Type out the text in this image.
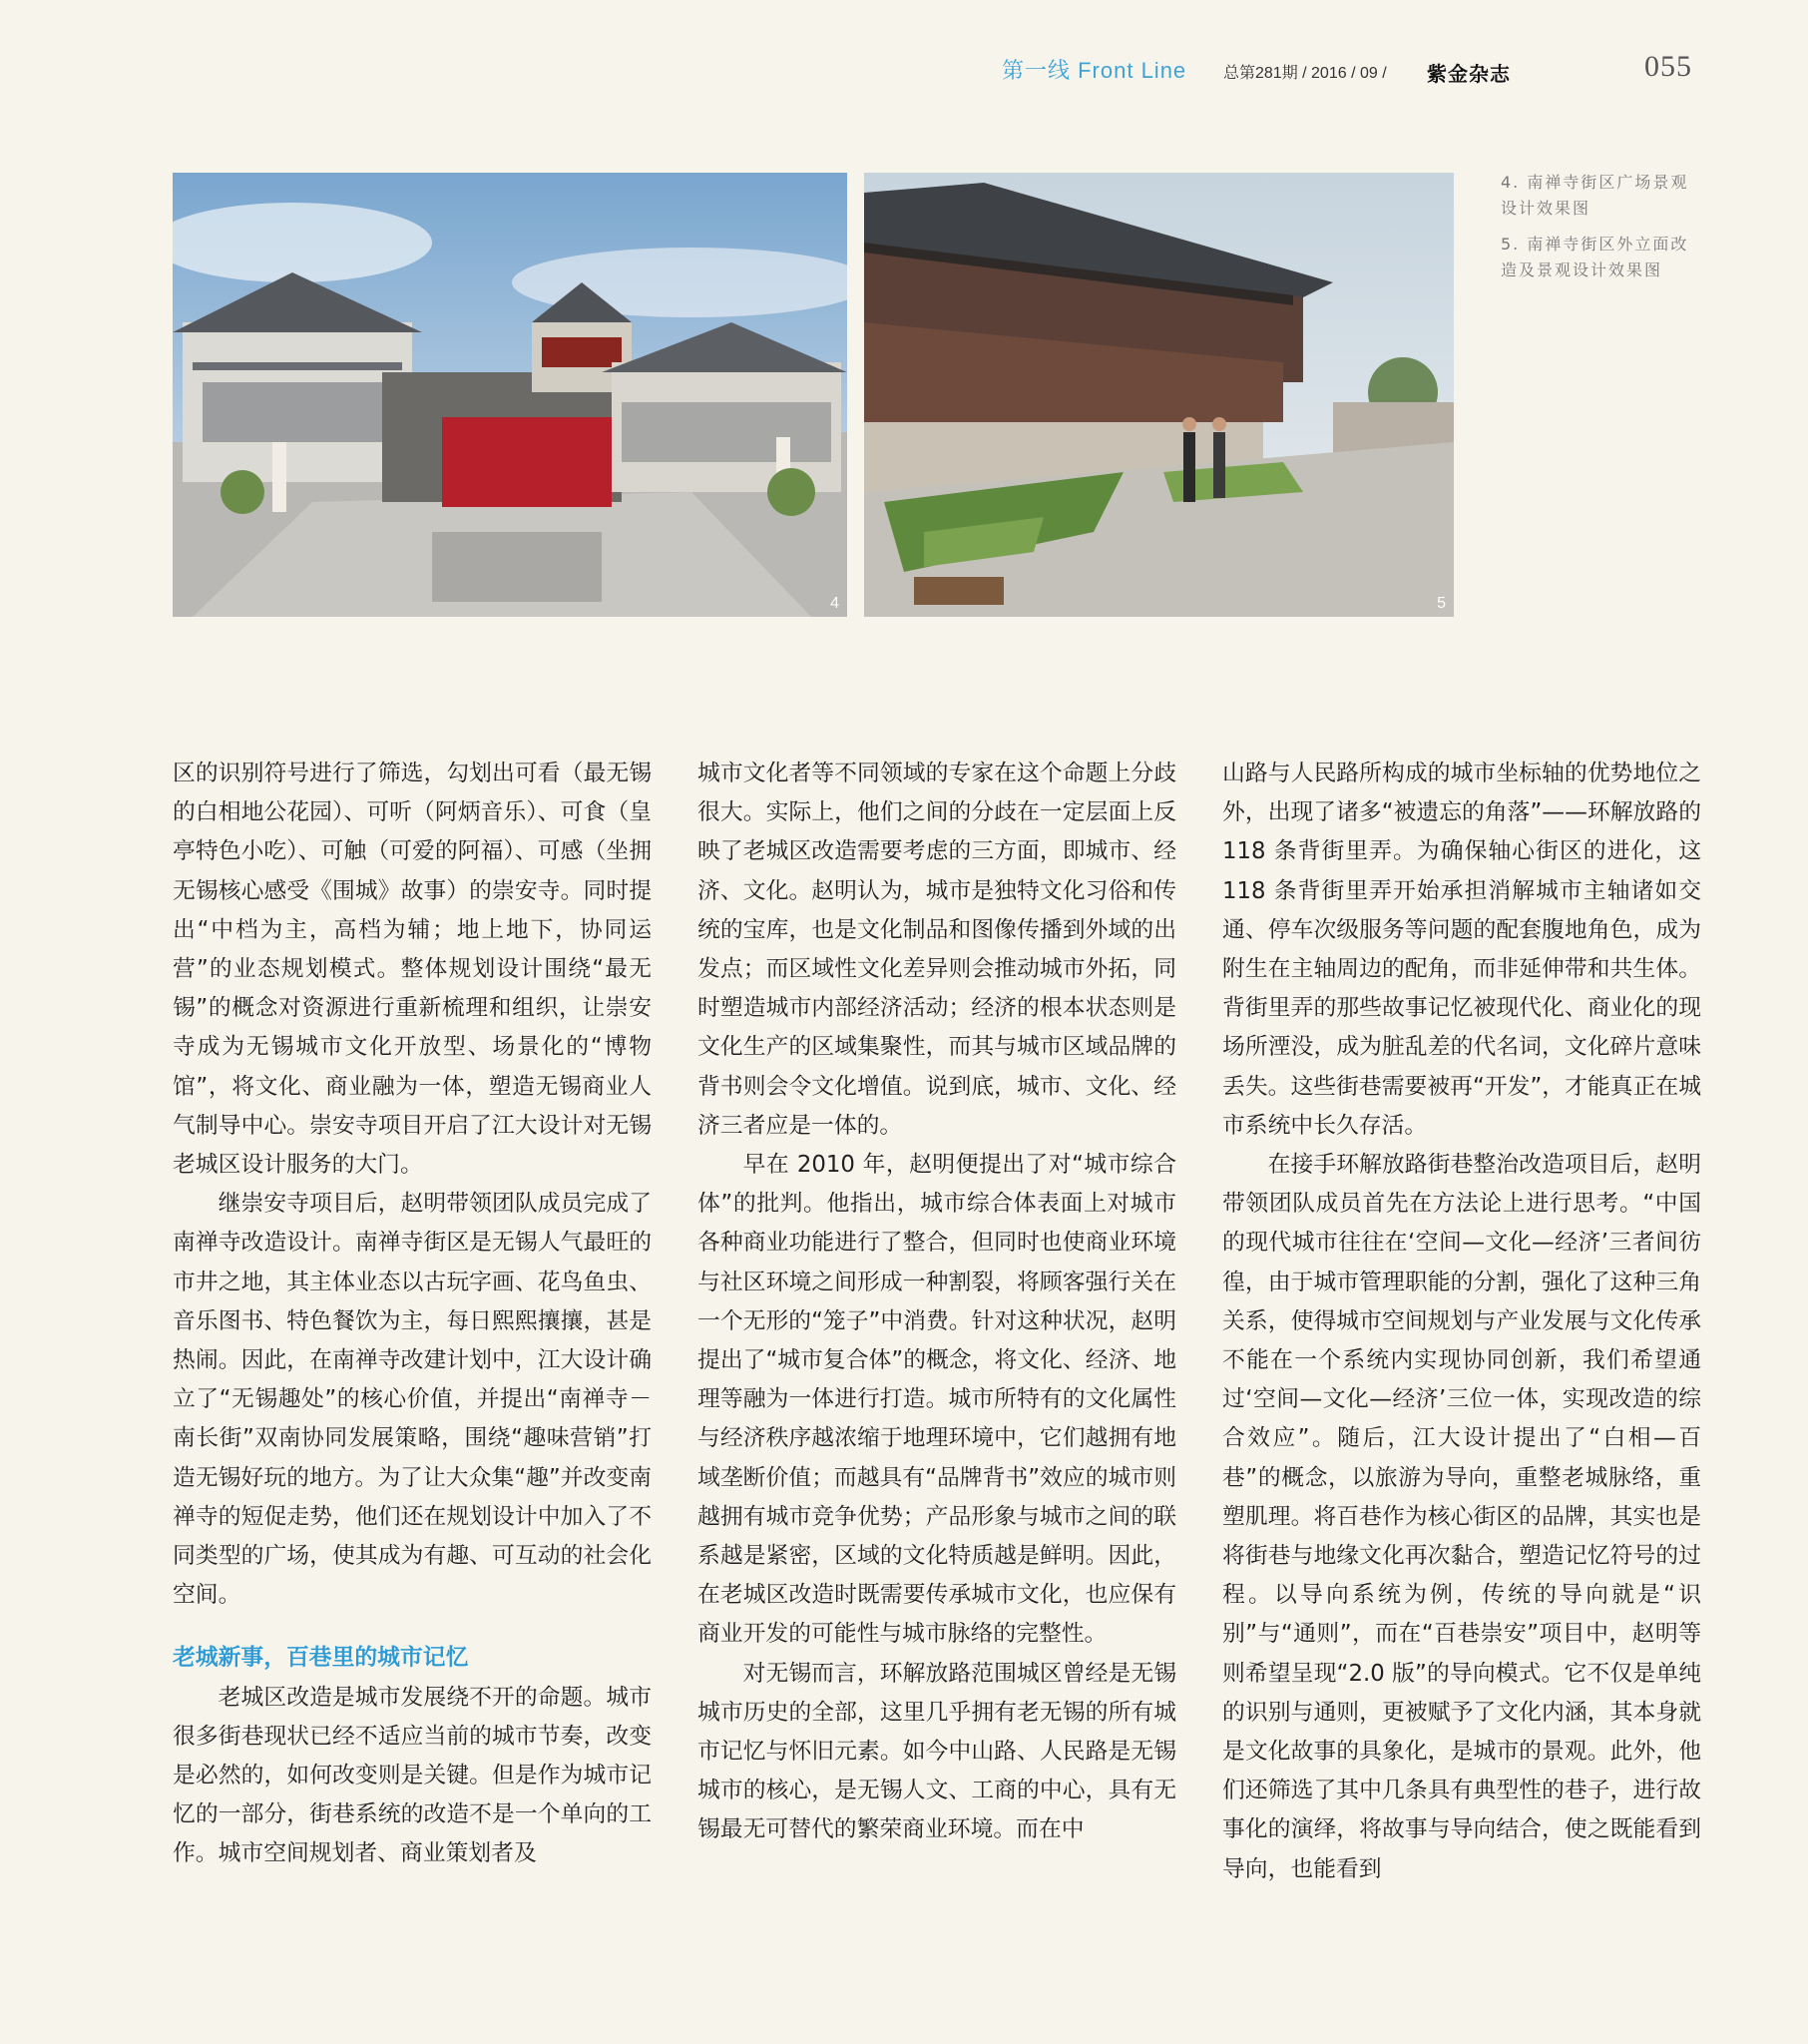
第一线 Front Line 总第281期 / 2016 / 09 / 紫金杂志	055
4	5

4. 南禅寺街区广场景观设计效果图

5. 南禅寺街区外立面改造及景观设计效果图

区的识别符号进行了筛选，勾划出可看（最无锡的白相地公花园）、可听（阿炳音乐）、可食（皇亭特色小吃）、可触（可爱的阿福）、可感（坐拥无锡核心感受《围城》故事）的崇安寺。同时提出“中档为主，高档为辅；地上地下，协同运营”的业态规划模式。整体规划设计围绕“最无锡”的概念对资源进行重新梳理和组织，让崇安寺成为无锡城市文化开放型、场景化的“博物馆”，将文化、商业融为一体，塑造无锡商业人气制导中心。崇安寺项目开启了江大设计对无锡老城区设计服务的大门。

继崇安寺项目后，赵明带领团队成员完成了南禅寺改造设计。南禅寺街区是无锡人气最旺的市井之地，其主体业态以古玩字画、花鸟鱼虫、音乐图书、特色餐饮为主，每日熙熙攘攘，甚是热闹。因此，在南禅寺改建计划中，江大设计确立了“无锡趣处”的核心价值，并提出“南禅寺－南长街”双南协同发展策略，围绕“趣味营销”打造无锡好玩的地方。为了让大众集“趣”并改变南禅寺的短促走势，他们还在规划设计中加入了不同类型的广场，使其成为有趣、可互动的社会化空间。

老城新事，百巷里的城市记忆

老城区改造是城市发展绕不开的命题。城市很多街巷现状已经不适应当前的城市节奏，改变是必然的，如何改变则是关键。但是作为城市记忆的一部分，街巷系统的改造不是一个单向的工作。城市空间规划者、商业策划者及

城市文化者等不同领域的专家在这个命题上分歧很大。实际上，他们之间的分歧在一定层面上反映了老城区改造需要考虑的三方面，即城市、经济、文化。赵明认为，城市是独特文化习俗和传统的宝库，也是文化制品和图像传播到外域的出发点；而区域性文化差异则会推动城市外拓，同时塑造城市内部经济活动；经济的根本状态则是文化生产的区域集聚性，而其与城市区域品牌的背书则会令文化增值。说到底，城市、文化、经济三者应是一体的。

早在 2010 年，赵明便提出了对“城市综合体”的批判。他指出，城市综合体表面上对城市各种商业功能进行了整合，但同时也使商业环境与社区环境之间形成一种割裂，将顾客强行关在一个无形的“笼子”中消费。针对这种状况，赵明提出了“城市复合体”的概念，将文化、经济、地理等融为一体进行打造。城市所特有的文化属性与经济秩序越浓缩于地理环境中，它们越拥有地域垄断价值；而越具有“品牌背书”效应的城市则越拥有城市竞争优势；产品形象与城市之间的联系越是紧密，区域的文化特质越是鲜明。因此，在老城区改造时既需要传承城市文化，也应保有商业开发的可能性与城市脉络的完整性。

对无锡而言，环解放路范围城区曾经是无锡城市历史的全部，这里几乎拥有老无锡的所有城市记忆与怀旧元素。如今中山路、人民路是无锡城市的核心，是无锡人文、工商的中心，具有无锡最无可替代的繁荣商业环境。而在中

山路与人民路所构成的城市坐标轴的优势地位之外，出现了诸多“被遗忘的角落”——环解放路的 118 条背街里弄。为确保轴心街区的进化，这 118 条背街里弄开始承担消解城市主轴诸如交通、停车次级服务等问题的配套腹地角色，成为附生在主轴周边的配角，而非延伸带和共生体。背街里弄的那些故事记忆被现代化、商业化的现场所湮没，成为脏乱差的代名词，文化碎片意味丢失。这些街巷需要被再“开发”，才能真正在城市系统中长久存活。

在接手环解放路街巷整治改造项目后，赵明带领团队成员首先在方法论上进行思考。“中国的现代城市往往在‘空间—文化—经济’三者间彷徨，由于城市管理职能的分割，强化了这种三角关系，使得城市空间规划与产业发展与文化传承不能在一个系统内实现协同创新，我们希望通过‘空间—文化—经济’三位一体，实现改造的综合效应”。随后，江大设计提出了“白相—百巷”的概念，以旅游为导向，重整老城脉络，重塑肌理。将百巷作为核心街区的品牌，其实也是将街巷与地缘文化再次黏合，塑造记忆符号的过程。以导向系统为例，传统的导向就是“识别”与“通则”，而在“百巷崇安”项目中，赵明等则希望呈现“2.0 版”的导向模式。它不仅是单纯的识别与通则，更被赋予了文化内涵，其本身就是文化故事的具象化，是城市的景观。此外，他们还筛选了其中几条具有典型性的巷子，进行故事化的演绎，将故事与导向结合，使之既能看到导向，也能看到
